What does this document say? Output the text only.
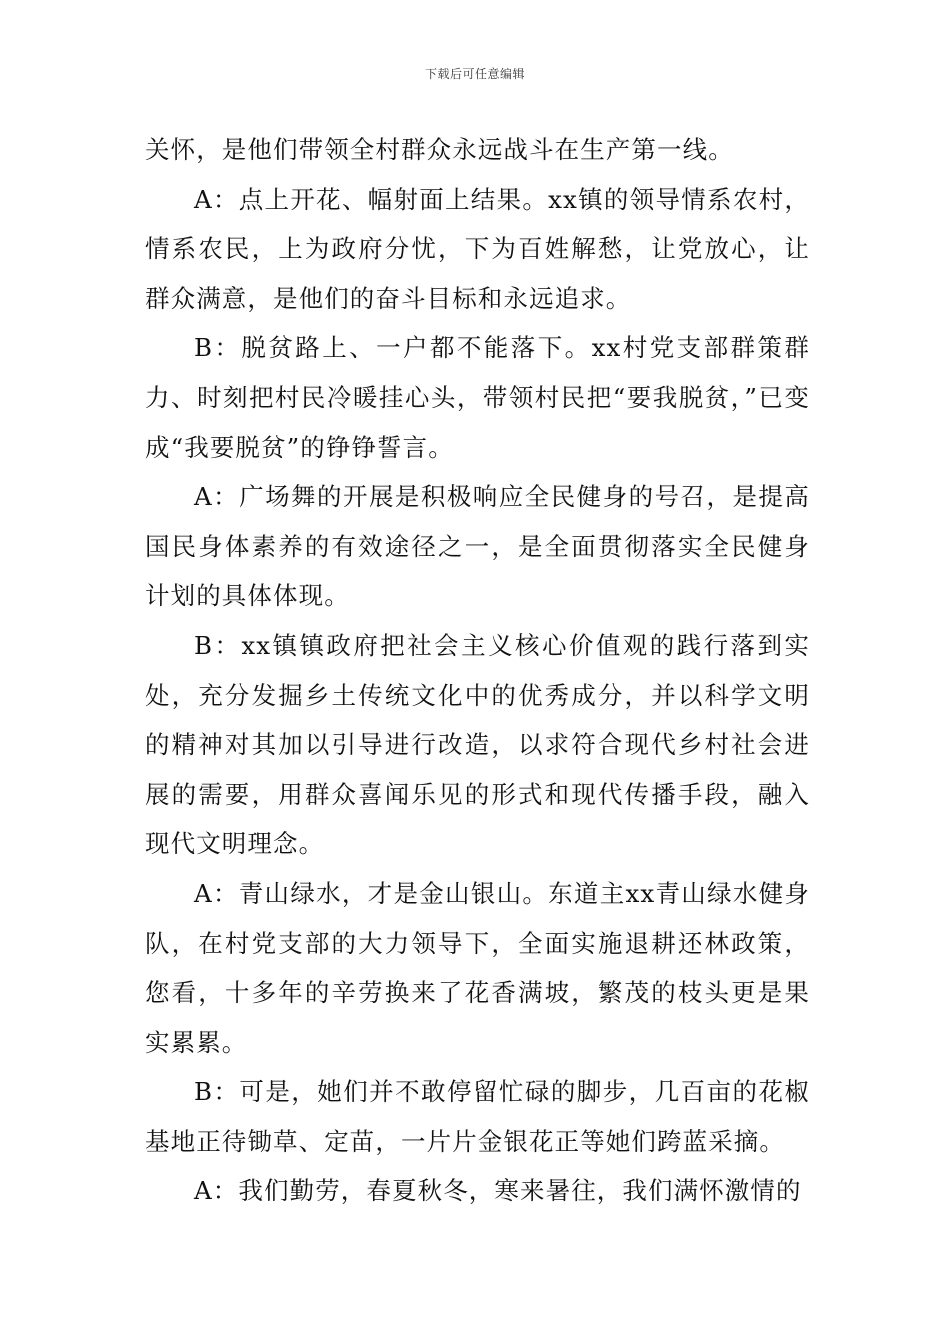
下载后可任意编辑

关怀，是他们带领全村群众永远战斗在生产第一线。

A：点上开花、幅射面上结果。xx镇的领导情系农村，情系农民，上为政府分忧，下为百姓解愁，让党放心，让群众满意，是他们的奋斗目标和永远追求。

B：脱贫路上、一户都不能落下。xx村党支部群策群力、时刻把村民冷暖挂心头，带领村民把“要我脱贫，”已变成“我要脱贫”的铮铮誓言。

A：广场舞的开展是积极响应全民健身的号召，是提高国民身体素养的有效途径之一，是全面贯彻落实全民健身计划的具体体现。

B：xx镇镇政府把社会主义核心价值观的践行落到实处，充分发掘乡土传统文化中的优秀成分，并以科学文明的精神对其加以引导进行改造，以求符合现代乡村社会进展的需要，用群众喜闻乐见的形式和现代传播手段，融入现代文明理念。

A：青山绿水，才是金山银山。东道主xx青山绿水健身队，在村党支部的大力领导下，全面实施退耕还林政策，您看，十多年的辛劳换来了花香满坡，繁茂的枝头更是果实累累。

B：可是，她们并不敢停留忙碌的脚步，几百亩的花椒基地正待锄草、定苗，一片片金银花正等她们跨蓝采摘。

A：我们勤劳，春夏秋冬，寒来暑往，我们满怀激情的
